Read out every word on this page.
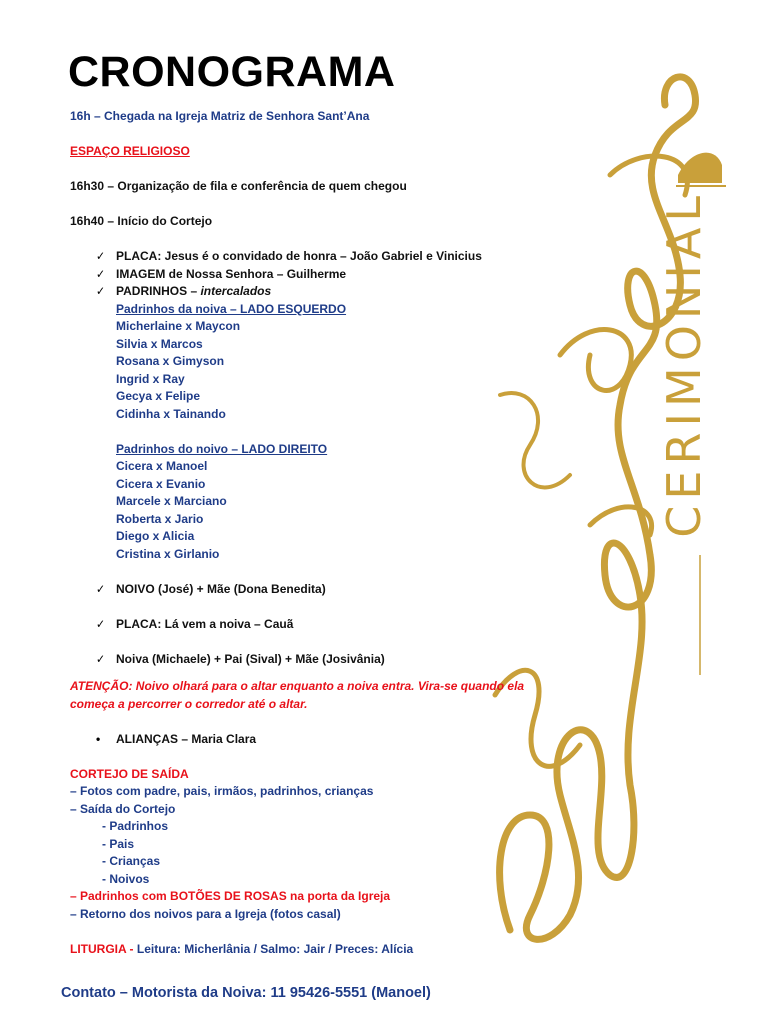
CERIMONIAL
CRONOGRAMA
16h – Chegada na Igreja Matriz de Senhora Sant’Ana
ESPAÇO RELIGIOSO
16h30 – Organização de fila e conferência de quem chegou
16h40 – Início do Cortejo
✓ PLACA: Jesus é o convidado de honra – João Gabriel e Vinicius
✓ IMAGEM de Nossa Senhora – Guilherme
✓ PADRINHOS – intercalados
Padrinhos da noiva – LADO ESQUERDO
Micherlaine x Maycon
Silvia x Marcos
Rosana x Gimyson
Ingrid x Ray
Gecya x Felipe
Cidinha x Tainando
Padrinhos do noivo – LADO DIREITO
Cicera x Manoel
Cicera x Evanio
Marcele x Marciano
Roberta x Jario
Diego x Alicia
Cristina x Girlanio
✓ NOIVO (José) + Mãe (Dona Benedita)
✓ PLACA: Lá vem a noiva – Cauã
✓ Noiva (Michaele) + Pai (Sival) + Mãe (Josivânia)
ATENÇÃO: Noivo olhará para o altar enquanto a noiva entra. Vira-se quando ela começa a percorrer o corredor até o altar.
•	ALIANÇAS – Maria Clara
CORTEJO DE SAÍDA
– Fotos com padre, pais, irmãos, padrinhos, crianças
– Saída do Cortejo
- Padrinhos
- Pais
- Crianças
- Noivos
– Padrinhos com BOTÕES DE ROSAS na porta da Igreja
– Retorno dos noivos para a Igreja (fotos casal)
LITURGIA - Leitura: Micherlânia / Salmo: Jair / Preces: Alícia
Contato – Motorista da Noiva: 11 95426-5551 (Manoel)
